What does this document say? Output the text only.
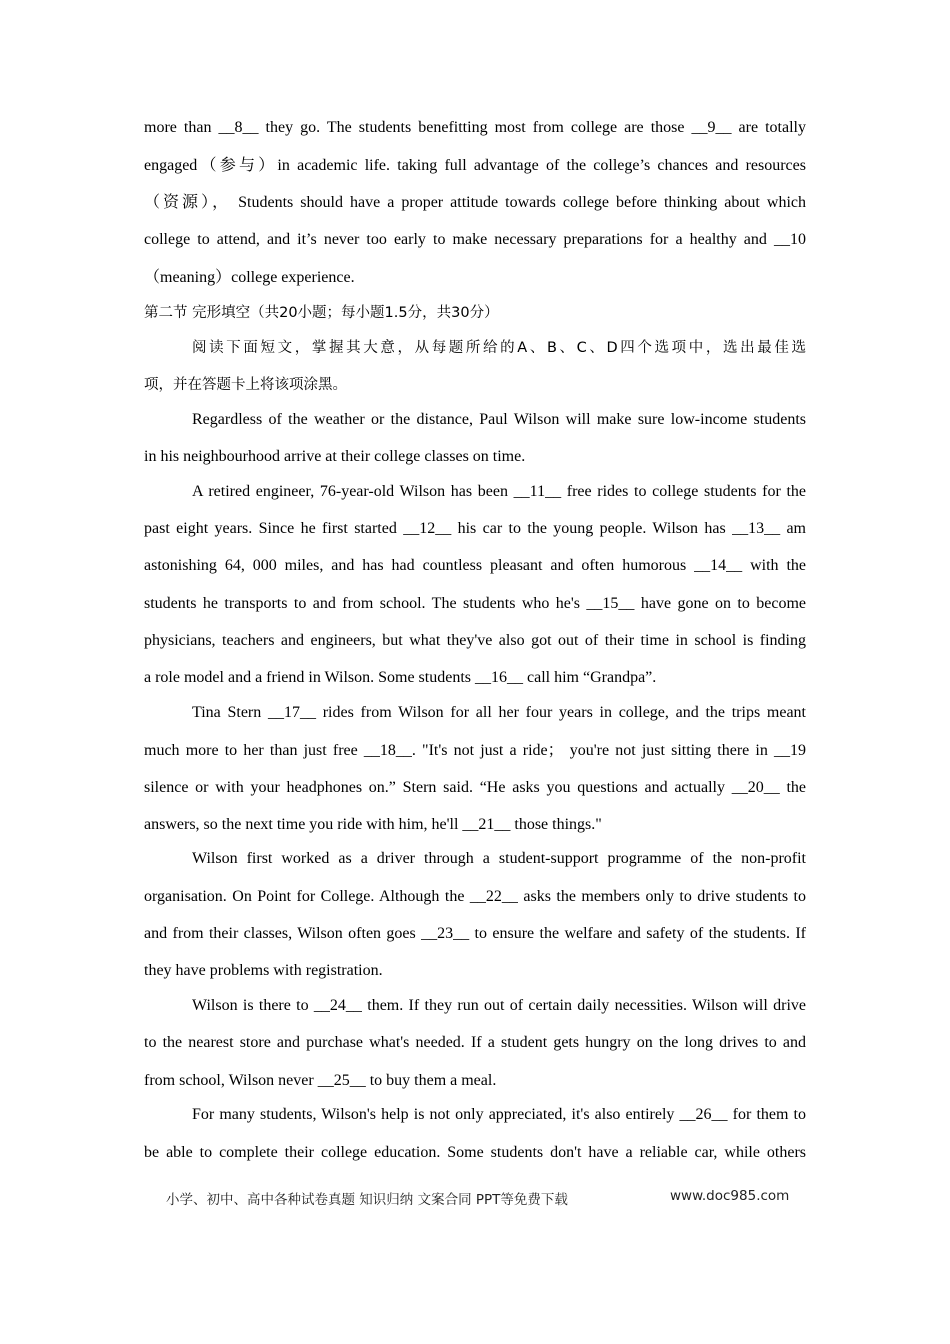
more than __8__ they go. The students benefitting most from college are those __9__ are totally
engaged（参与）in academic life. taking full advantage of the college’s chances and resources
（资源）， Students should have a proper attitude towards college before thinking about which
college to attend, and it’s never too early to make necessary preparations for a healthy and __10
（meaning）college experience.
第二节 完形填空（共20小题；每小题1.5分，共30分）
阅读下面短文，掌握其大意，从每题所给的A、B、C、D四个选项中，选出最佳选
项，并在答题卡上将该项涂黑。
Regardless of the weather or the distance, Paul Wilson will make sure low-income students
in his neighbourhood arrive at their college classes on time.
A retired engineer, 76-year-old Wilson has been __11__ free rides to college students for the
past eight years. Since he first started __12__ his car to the young people. Wilson has __13__ am
astonishing 64, 000 miles, and has had countless pleasant and often humorous __14__ with the
students he transports to and from school. The students who he's __15__ have gone on to become
physicians, teachers and engineers, but what they've also got out of their time in school is finding
a role model and a friend in Wilson. Some students __16__ call him “Grandpa”.
Tina Stern __17__ rides from Wilson for all her four years in college, and the trips meant
much more to her than just free __18__. "It's not just a ride； you're not just sitting there in __19
silence or with your headphones on.” Stern said. “He asks you questions and actually __20__ the
answers, so the next time you ride with him, he'll __21__ those things."
Wilson first worked as a driver through a student-support programme of the non-profit
organisation. On Point for College. Although the __22__ asks the members only to drive students to
and from their classes, Wilson often goes __23__ to ensure the welfare and safety of the students. If
they have problems with registration.
Wilson is there to __24__ them. If they run out of certain daily necessities. Wilson will drive
to the nearest store and purchase what's needed. If a student gets hungry on the long drives to and
from school, Wilson never __25__ to buy them a meal.
For many students, Wilson's help is not only appreciated, it's also entirely __26__ for them to
be able to complete their college education. Some students don't have a reliable car, while others
小学、初中、高中各种试卷真题 知识归纳 文案合同 PPT等免费下载	www.doc985.com
